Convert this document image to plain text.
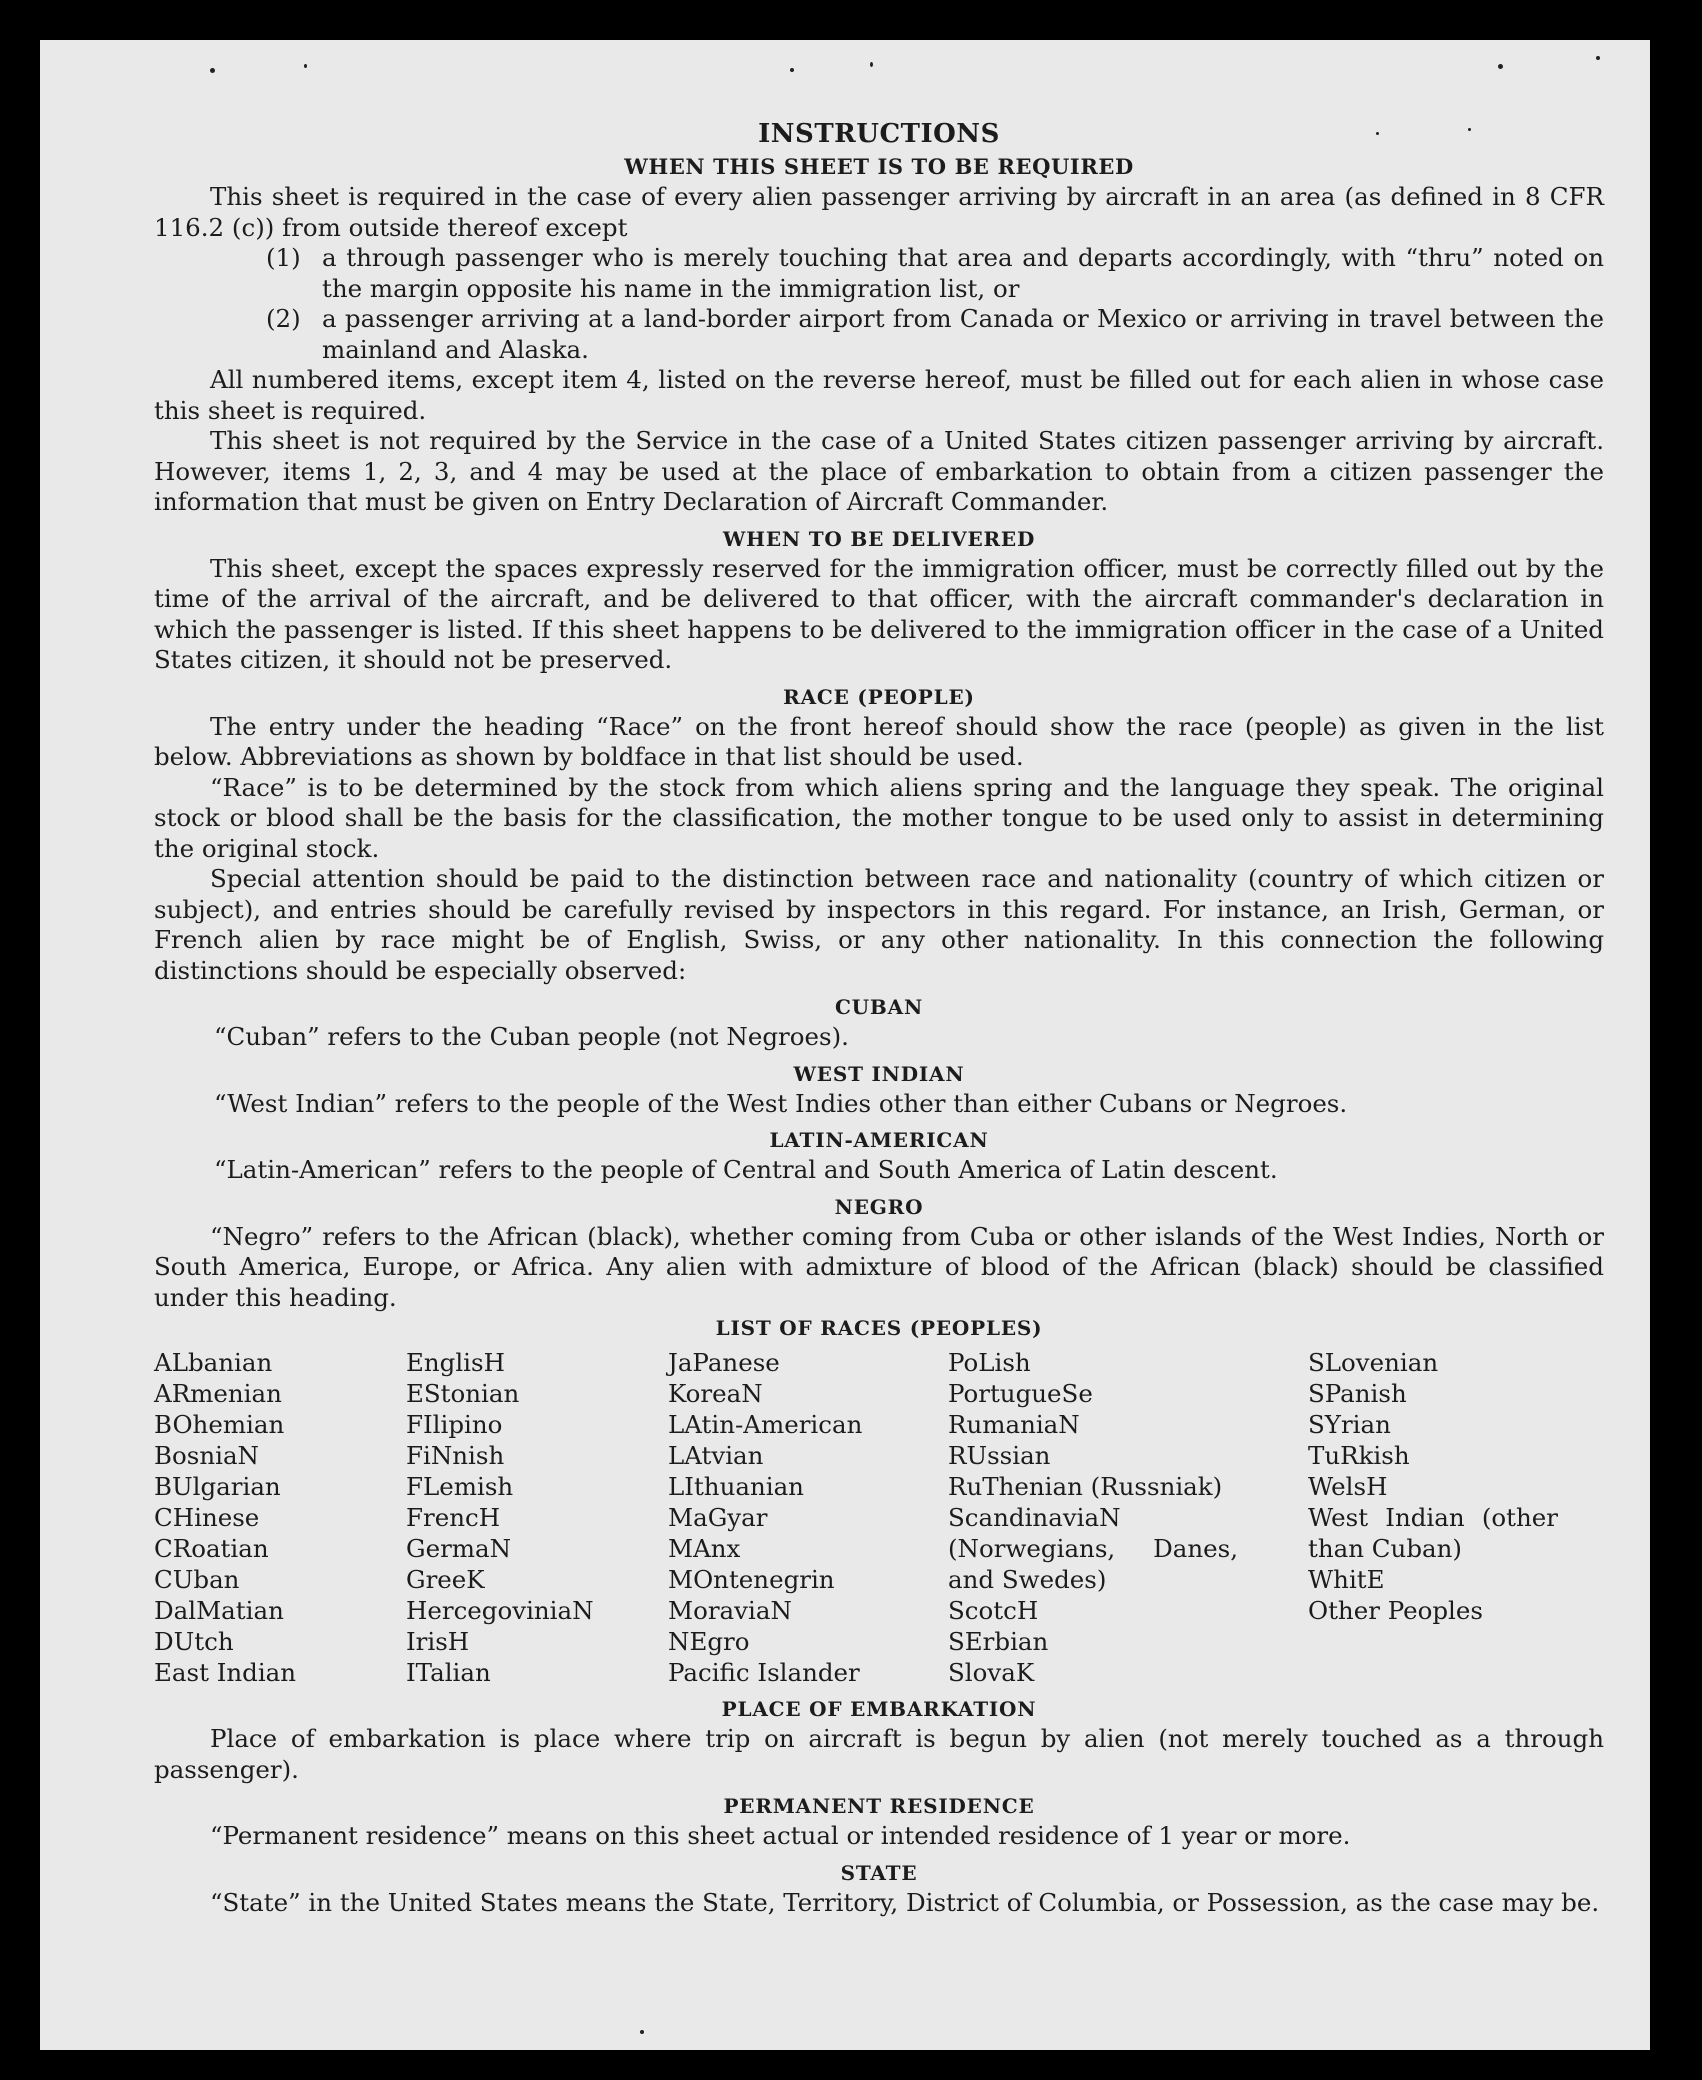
INSTRUCTIONS
WHEN THIS SHEET IS TO BE REQUIRED

This sheet is required in the case of every alien passenger arriving by aircraft in an area (as defined in 8 CFR 116.2 (c)) from outside thereof except

(1) a through passenger who is merely touching that area and departs accordingly, with “thru” noted on the margin opposite his name in the immigration list, or
(2) a passenger arriving at a land-border airport from Canada or Mexico or arriving in travel between the mainland and Alaska.

All numbered items, except item 4, listed on the reverse hereof, must be filled out for each alien in whose case this sheet is required.

This sheet is not required by the Service in the case of a United States citizen passenger arriving by aircraft. However, items 1, 2, 3, and 4 may be used at the place of embarkation to obtain from a citizen passenger the information that must be given on Entry Declaration of Aircraft Commander.

WHEN TO BE DELIVERED

This sheet, except the spaces expressly reserved for the immigration officer, must be correctly filled out by the time of the arrival of the aircraft, and be delivered to that officer, with the aircraft commander's declaration in which the passenger is listed. If this sheet happens to be delivered to the immigration officer in the case of a United States citizen, it should not be preserved.

RACE (PEOPLE)

The entry under the heading “Race” on the front hereof should show the race (people) as given in the list below. Abbreviations as shown by boldface in that list should be used.

“Race” is to be determined by the stock from which aliens spring and the language they speak. The original stock or blood shall be the basis for the classification, the mother tongue to be used only to assist in determining the original stock.

Special attention should be paid to the distinction between race and nationality (country of which citizen or subject), and entries should be carefully revised by inspectors in this regard. For instance, an Irish, German, or French alien by race might be of English, Swiss, or any other nationality. In this connection the following distinctions should be especially observed:

CUBAN

“Cuban” refers to the Cuban people (not Negroes).

WEST INDIAN

“West Indian” refers to the people of the West Indies other than either Cubans or Negroes.

LATIN-AMERICAN

“Latin-American” refers to the people of Central and South America of Latin descent.

NEGRO

“Negro” refers to the African (black), whether coming from Cuba or other islands of the West Indies, North or South America, Europe, or Africa. Any alien with admixture of blood of the African (black) should be classified under this heading.

LIST OF RACES (PEOPLES)
ALbanian
ARmenian
BOhemian
BosniaN
BUlgarian
CHinese
CRoatian
CUban
DalMatian
DUtch
East Indian
EnglisH
EStonian
FIlipino
FiNnish
FLemish
FrencH
GermaN
GreeK
HercegoviniaN
IrisH
ITalian
JaPanese
KoreaN
LAtin-American
LAtvian
LIthuanian
MaGyar
MAnx
MOntenegrin
MoraviaN
NEgro
Pacific Islander
PoLish
PortugueSe
RumaniaN
RUssian
RuThenian (Russniak)
ScandinaviaN (Norwegians, Danes, and Swedes)
ScotcH
SErbian
SlovaK
SLovenian
SPanish
SYrian
TuRkish
WelsH
West Indian (other than Cuban)
WhitE
Other Peoples
PLACE OF EMBARKATION

Place of embarkation is place where trip on aircraft is begun by alien (not merely touched as a through passenger).

PERMANENT RESIDENCE

“Permanent residence” means on this sheet actual or intended residence of 1 year or more.

STATE

“State” in the United States means the State, Territory, District of Columbia, or Possession, as the case may be.
